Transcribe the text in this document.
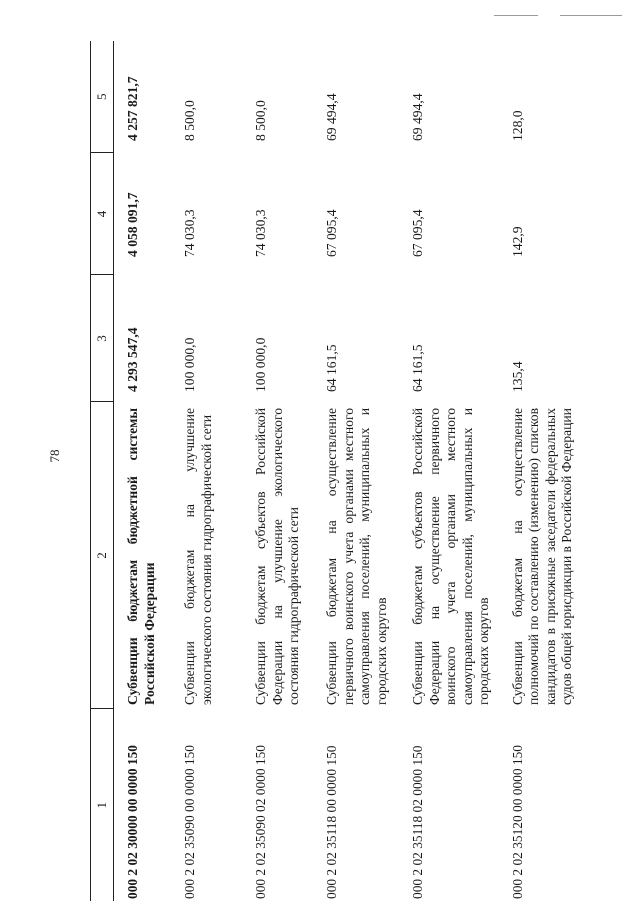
78
1	2	3	4	5
000 2 02 30000 00 0000 150	Субвенции бюджетам бюджетной системы Российской Федерации	4 293 547,4	4 058 091,7	4 257 821,7
000 2 02 35090 00 0000 150	Субвенции бюджетам на улучшение экологического состояния гидрографической сети	100 000,0	74 030,3	8 500,0
000 2 02 35090 02 0000 150	Субвенции бюджетам субъектов Российской Федерации на улучшение экологического состояния гидрографической сети	100 000,0	74 030,3	8 500,0
000 2 02 35118 00 0000 150	Субвенции бюджетам на осуществление первичного воинского учета органами местного самоуправления поселений, муниципальных и городских округов	64 161,5	67 095,4	69 494,4
000 2 02 35118 02 0000 150	Субвенции бюджетам субъектов Российской Федерации на осуществление первичного воинского учета органами местного самоуправления поселений, муниципальных и городских округов	64 161,5	67 095,4	69 494,4
000 2 02 35120 00 0000 150	Субвенции бюджетам на осуществление полномочий по составлению (изменению) списков кандидатов в присяжные заседатели федеральных судов общей юрисдикции в Российской Федерации	135,4	142,9	128,0
